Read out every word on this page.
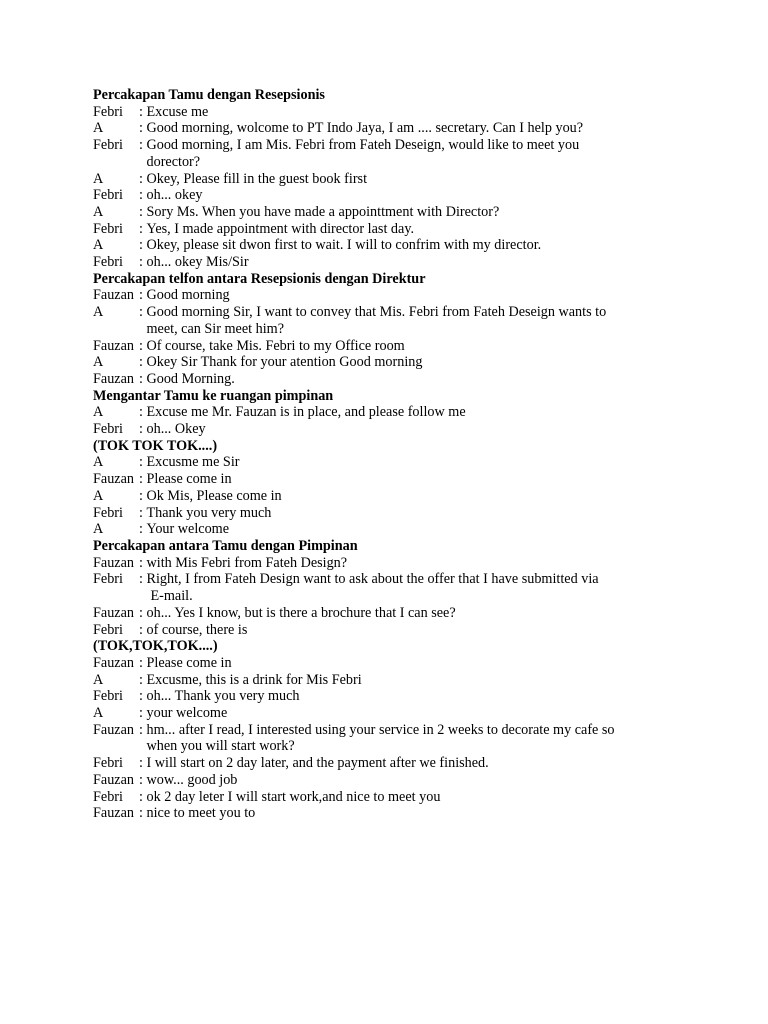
Percakapan Tamu dengan Resepsionis
Febri	: Excuse me
A	: Good morning, wolcome to PT Indo Jaya, I am .... secretary. Can I help you?
Febri	: Good morning, I am Mis. Febri from Fateh Deseign, would like to meet you
dorector?
A	: Okey, Please fill in the guest book first
Febri	: oh... okey
A	: Sory Ms. When you have made a appointtment with Director?
Febri	: Yes, I made appointment with director last day.
A	: Okey, please sit dwon first to wait. I will to confrim with my director.
Febri	: oh... okey Mis/Sir
Percakapan telfon antara Resepsionis dengan Direktur
Fauzan : Good morning
A	: Good morning Sir, I want to convey that Mis. Febri from Fateh Deseign wants to
meet, can Sir meet him?
Fauzan : Of course, take Mis. Febri to my Office room
A	: Okey Sir Thank for your atention Good morning
Fauzan : Good Morning.
Mengantar Tamu ke ruangan pimpinan
A	: Excuse me Mr. Fauzan is in place, and please follow me
Febri	: oh... Okey
(TOK TOK TOK....)
A	: Excusme me Sir
Fauzan : Please come in
A	: Ok Mis, Please come in
Febri	: Thank you very much
A	: Your welcome
Percakapan antara Tamu dengan Pimpinan
Fauzan : with Mis Febri from Fateh Design?
Febri	: Right, I from Fateh Design want to ask about the offer that I have submitted via
E-mail.
Fauzan : oh... Yes I know, but is there a brochure that I can see?
Febri	: of course, there is
(TOK,TOK,TOK....)
Fauzan : Please come in
A	: Excusme, this is a drink for Mis Febri
Febri	: oh... Thank you very much
A	: your welcome
Fauzan : hm... after I read, I interested using your service in 2 weeks to decorate my cafe so
when you will start work?
Febri	: I will start on 2 day later, and the payment after we finished.
Fauzan : wow... good job
Febri	: ok 2 day leter I will start work,and nice to meet you
Fauzan : nice to meet you to
